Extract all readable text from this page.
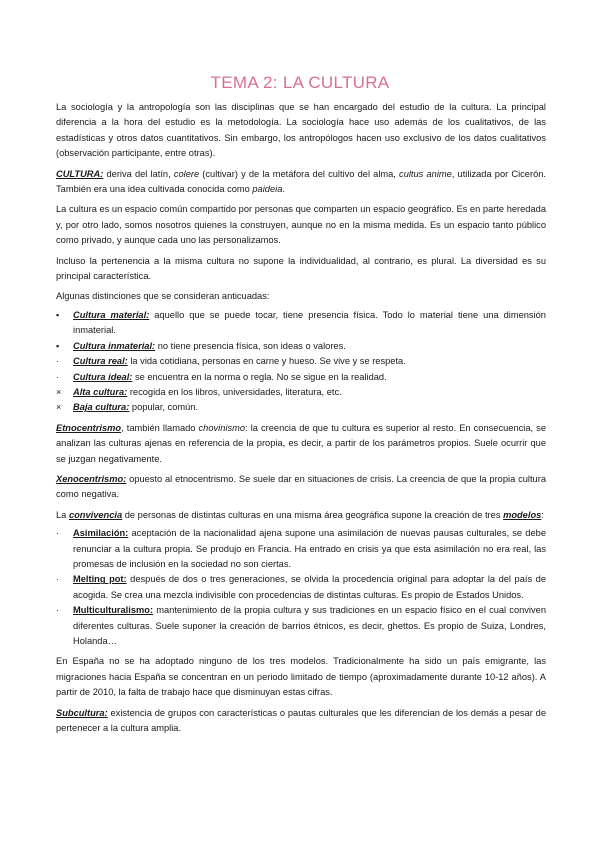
TEMA 2: LA CULTURA

La sociología y la antropología son las disciplinas que se han encargado del estudio de la cultura. La principal diferencia a la hora del estudio es la metodología. La sociología hace uso además de los cualitativos, de las estadísticas y otros datos cuantitativos. Sin embargo, los antropólogos hacen uso exclusivo de los datos cualitativos (observación participante, entre otras).

CULTURA: deriva del latín, colere (cultivar) y de la metáfora del cultivo del alma, cultus anime, utilizada por Cicerón. También era una idea cultivada conocida como paideia.

La cultura es un espacio común compartido por personas que comparten un espacio geográfico. Es en parte heredada y, por otro lado, somos nosotros quienes la construyen, aunque no en la misma medida. Es un espacio tanto público como privado, y aunque cada uno las personalizamos.

Incluso la pertenencia a la misma cultura no supone la individualidad, al contrario, es plural. La diversidad es su principal característica.

Algunas distinciones que se consideran anticuadas:

▪	Cultura material: aquello que se puede tocar, tiene presencia física. Todo lo material tiene una dimensión inmaterial.
▪	Cultura inmaterial: no tiene presencia física, son ideas o valores.
·	Cultura real: la vida cotidiana, personas en carne y hueso. Se vive y se respeta.
·	Cultura ideal: se encuentra en la norma o regla. No se sigue en la realidad.
×	Alta cultura: recogida en los libros, universidades, literatura, etc.
×	Baja cultura: popular, común.

Etnocentrismo, también llamado chovinismo: la creencia de que tu cultura es superior al resto. En consecuencia, se analizan las culturas ajenas en referencia de la propia, es decir, a partir de los parámetros propios. Suele ocurrir que se juzgan negativamente.

Xenocentrismo: opuesto al etnocentrismo. Se suele dar en situaciones de crisis. La creencia de que la propia cultura como negativa.

La convivencia de personas de distintas culturas en una misma área geográfica supone la creación de tres modelos:

·	Asimilación: aceptación de la nacionalidad ajena supone una asimilación de nuevas pausas culturales, se debe renunciar a la cultura propia. Se produjo en Francia. Ha entrado en crisis ya que esta asimilación no era real, las promesas de inclusión en la sociedad no son ciertas.
·	Melting pot: después de dos o tres generaciones, se olvida la procedencia original para adoptar la del país de acogida. Se crea una mezcla indivisible con procedencias de distintas culturas. Es propio de Estados Unidos.
·	Multiculturalismo: mantenimiento de la propia cultura y sus tradiciones en un espacio físico en el cual conviven diferentes culturas. Suele suponer la creación de barrios étnicos, es decir, ghettos. Es propio de Suiza, Londres, Holanda…

En España no se ha adoptado ninguno de los tres modelos. Tradicionalmente ha sido un país emigrante, las migraciones hacia España se concentran en un periodo limitado de tiempo (aproximadamente durante 10-12 años). A partir de 2010, la falta de trabajo hace que disminuyan estas cifras.

Subcultura: existencia de grupos con características o pautas culturales que les diferencian de los demás a pesar de pertenecer a la cultura amplia.
